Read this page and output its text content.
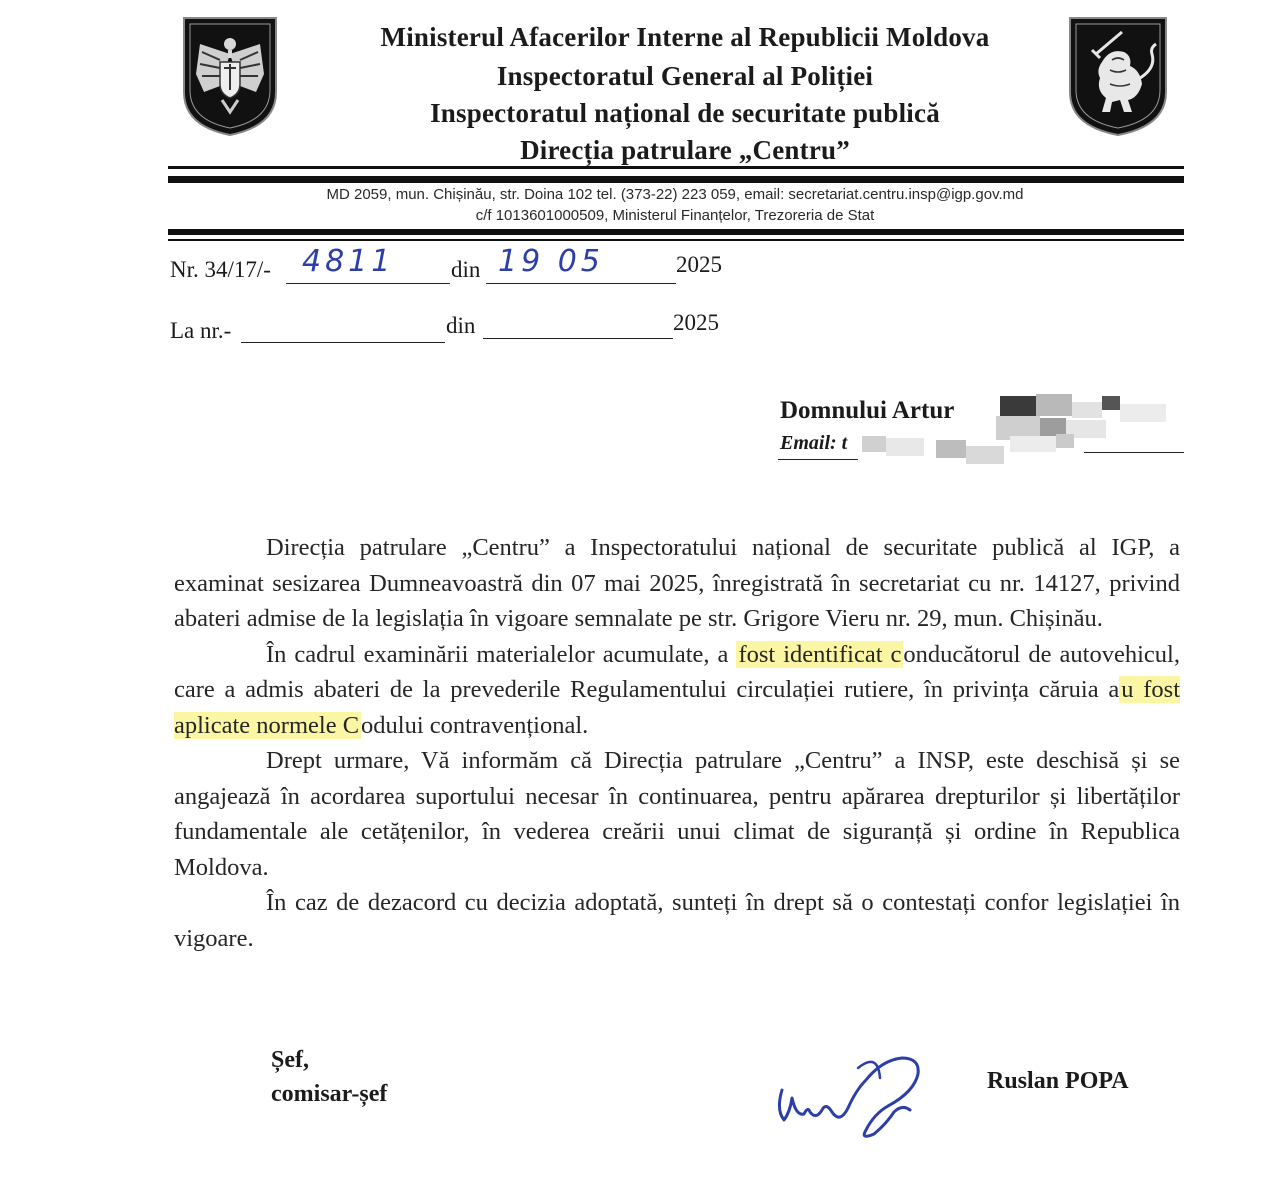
Ministerul Afacerilor Interne al Republicii Moldova
Inspectoratul General al Poliției
Inspectoratul național de securitate publică
Direcția patrulare „Centru”
MD 2059, mun. Chișinău, str. Doina 102 tel. (373-22) 223 059, email: secretariat.centru.insp@igp.gov.md
c/f 1013601000509, Ministerul Finanțelor, Trezoreria de Stat
Nr. 34/17/- 4811 din 19 05	2025
La nr.-	din	2025
Domnului Artur
Email: t

Direcția patrulare „Centru” a Inspectoratului național de securitate publică al IGP, a examinat sesizarea Dumneavoastră din 07 mai 2025, înregistrată în secretariat cu nr. 14127, privind abateri admise de la legislația în vigoare semnalate pe str. Grigore Vieru nr. 29, mun. Chișinău.

În cadrul examinării materialelor acumulate, a fost identificat conducătorul de autovehicul, care a admis abateri de la prevederile Regulamentului circulației rutiere, în privința căruia au fost aplicate normele Codului contravențional.

Drept urmare, Vă informăm că Direcția patrulare „Centru” a INSP, este deschisă și se angajează în acordarea suportului necesar în continuarea, pentru apărarea drepturilor și libertăților fundamentale ale cetățenilor, în vederea creării unui climat de siguranță și ordine în Republica Moldova.

În caz de dezacord cu decizia adoptată, sunteți în drept să o contestați confor legislației în vigoare.

Șef,
comisar-șef	Ruslan POPA
